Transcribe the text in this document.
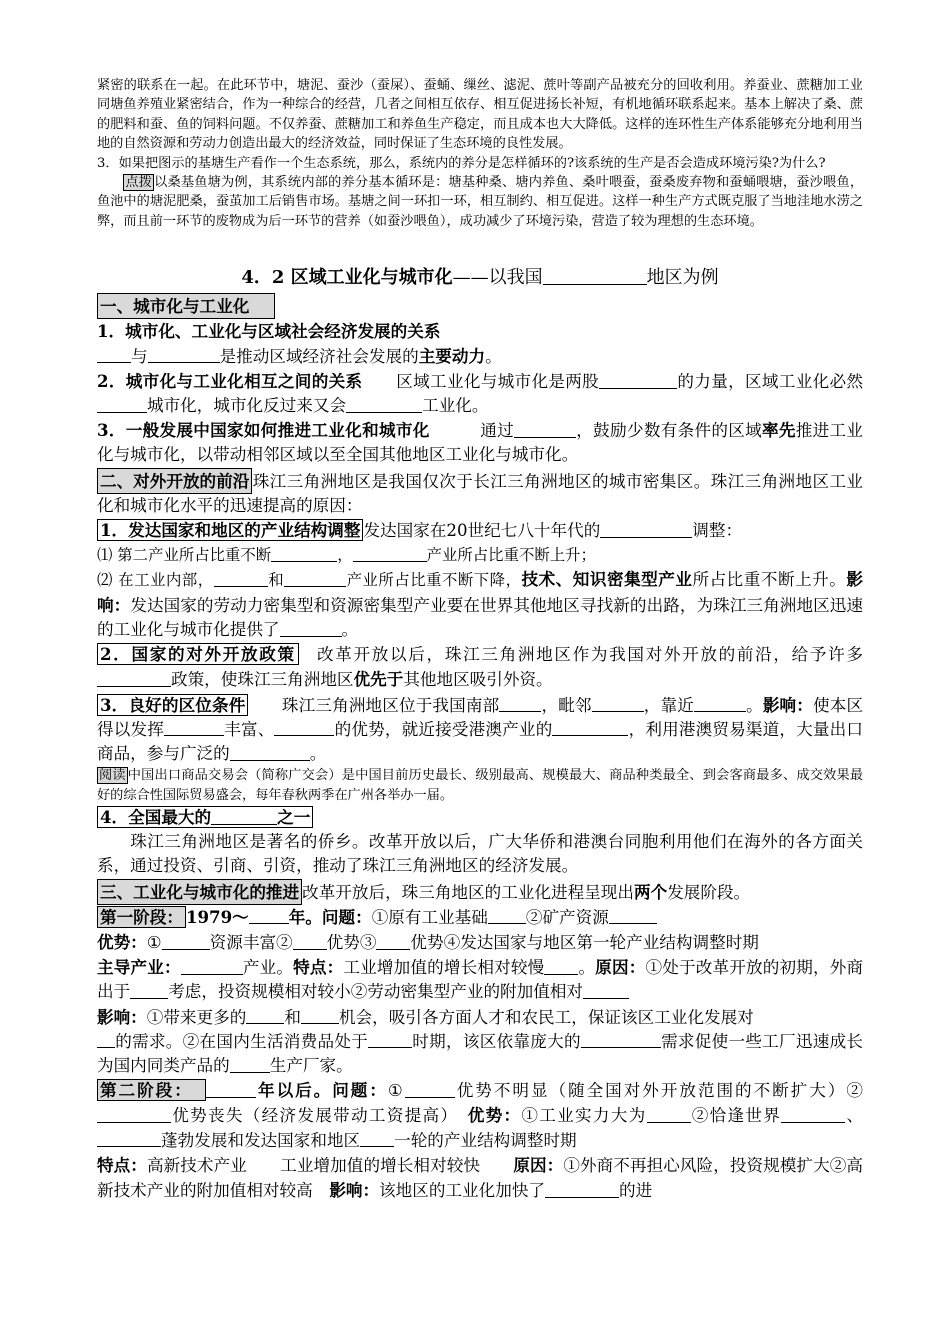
紧密的联系在一起。在此环节中，塘泥、蚕沙（蚕屎）、蚕蛹、缫丝、滤泥、蔗叶等副产品被充分的回收利用。养蚕业、蔗糖加工业同塘鱼养殖业紧密结合，作为一种综合的经营，几者之间相互依存、相互促进扬长补短，有机地循环联系起来。基本上解决了桑、蔗的肥料和蚕、鱼的饲料问题。不仅养蚕、蔗糖加工和养鱼生产稳定，而且成本也大大降低。这样的连环性生产体系能够充分地利用当地的自然资源和劳动力创造出最大的经济效益，同时保证了生态环境的良性发展。

3．如果把图示的基塘生产看作一个生态系统，那么，系统内的养分是怎样循环的?该系统的生产是否会造成环境污染?为什么?

点拨 以桑基鱼塘为例，其系统内部的养分基本循环是：塘基种桑、塘内养鱼、桑叶喂蚕，蚕桑废弃物和蚕蛹喂塘，蚕沙喂鱼，鱼池中的塘泥肥桑，蚕茧加工后销售市场。基塘之间一环扣一环，相互制约、相互促进。这样一种生产方式既克服了当地洼地水涝之弊，而且前一环节的废物成为后一环节的营养（如蚕沙喂鱼），成功减少了环境污染，营造了较为理想的生态环境。

4．2 区域工业化与城市化——以我国	地区为例
一、城市化与工业化

1．城市化、工业化与区域社会经济发展的关系

与	是推动区域经济社会发展的主要动力。

2．城市化与工业化相互之间的关系　　 区域工业化与城市化是两股	的力量，区域工业化必然城市化，城市化反过来又会	工业化。

3．一般发展中国家如何推进工业化和城市化　　　	通过	，鼓励少数有条件的区域率先推进工业化与城市化，以带动相邻区域以至全国其他地区工业化与城市化。

二、对外开放的前沿 珠江三角洲地区是我国仅次于长江三角洲地区的城市密集区。珠江三角洲地区工业化和城市化水平的迅速提高的原因：

1．发达国家和地区的产业结构调整 发达国家在20世纪七八十年代的	调整：

⑴ 第二产业所占比重不断	，	产业所占比重不断上升；

⑵ 在工业内部，	和	产业所占比重不断下降，技术、知识密集型产业所占比重不断上升。影响：发达国家的劳动力密集型和资源密集型产业要在世界其他地区寻找新的出路，为珠江三角洲地区迅速的工业化与城市化提供了	。

2．国家的对外开放政策　 改革开放以后，珠江三角洲地区作为我国对外开放的前沿，给予许多政策，使珠江三角洲地区优先于其他地区吸引外资。

3．良好的区位条件　　 珠江三角洲地区位于我国南部	，毗邻	，靠近	。影响：使本区得以发挥	丰富、	的优势，就近接受港澳产业的	，利用港澳贸易渠道，大量出口商品，参与广泛的	。

阅读 中国出口商品交易会（简称广交会）是中国目前历史最长、级别最高、规模最大、商品种类最全、到会客商最多、成交效果最好的综合性国际贸易盛会，每年春秋两季在广州各举办一届。

4．全国最大的	之一

珠江三角洲地区是著名的侨乡。改革开放以后，广大华侨和港澳台同胞利用他们在海外的各方面关系，通过投资、引商、引资，推动了珠江三角洲地区的经济发展。

三、工业化与城市化的推进 改革开放后，珠三角地区的工业化进程呈现出两个发展阶段。

第一阶段： 1979～ 年。问题：①原有工业基础 ②矿产资源

优势：①	资源丰富② 优势③ 优势④发达国家与地区第一轮产业结构调整时期

主导产业：	产业。特点：工业增加值的增长相对较慢 。原因：①处于改革开放的初期，外商出于 考虑，投资规模相对较小②劳动密集型产业的附加值相对

影响：①带来更多的 和 机会，吸引各方面人才和农民工，保证该区工业化发展对

的需求。②在国内生活消费品处于	时期，该区依靠庞大的	需求促使一些工厂迅速成长为国内同类产品的 生产厂家。

第二阶段：　	年以后。问题：①	优势不明显（随全国对外开放范围的不断扩大）②优势丧失（经济发展带动工资提高）　 优势：①工业实力大为	②恰逢世界	、蓬勃发展和发达国家和地区 一轮的产业结构调整时期

特点：高新技术产业　　工业增加值的增长相对较快　　 原因：①外商不再担心风险，投资规模扩大②高新技术产业的附加值相对较高　 影响：该地区的工业化加快了	的进
